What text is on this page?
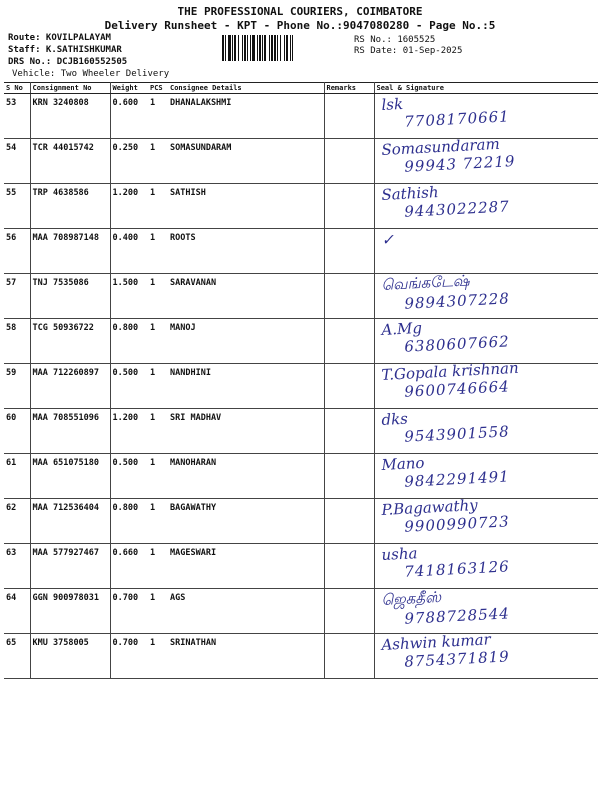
THE PROFESSIONAL COURIERS, COIMBATORE
Delivery Runsheet - KPT - Phone No.:9047080280 - Page No.:5
Route: KOVILPALAYAM
Staff: K.SATHISHKUMAR
DRS No.: DCJB160552505
Vehicle: Two Wheeler Delivery
RS No.: 1605525
RS Date: 01-Sep-2025
S No	Consignment No	Weight	PCS	Consignee Details	Remarks	Seal & Signature
53	KRN 3240808	0.600	1	DHANALAKSHMI		lsk
7708170661

54	TCR 44015742	0.250	1	SOMASUNDARAM		Somasundaram
99943 72219

55	TRP 4638586	1.200	1	SATHISH		Sathish
9443022287

56	MAA 708987148	0.400	1	ROOTS		✓

57	TNJ 7535086	1.500	1	SARAVANAN		வெங்கடேஷ்
9894307228

58	TCG 50936722	0.800	1	MANOJ		A.Mg
6380607662

59	MAA 712260897	0.500	1	NANDHINI		T.Gopala krishnan
9600746664

60	MAA 708551096	1.200	1	SRI MADHAV		dks
9543901558

61	MAA 651075180	0.500	1	MANOHARAN		Mano
9842291491

62	MAA 712536404	0.800	1	BAGAWATHY		P.Bagawathy
9900990723

63	MAA 577927467	0.660	1	MAGESWARI		usha
7418163126

64	GGN 900978031	0.700	1	AGS		ஜெகதீஸ்
9788728544

65	KMU 3758005	0.700	1	SRINATHAN		Ashwin kumar
8754371819
